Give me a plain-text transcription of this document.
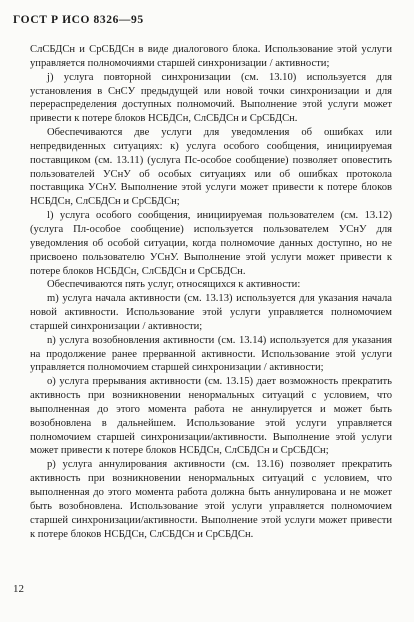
ГОСТ Р ИСО 8326—95

СлСБДСн и СрСБДСн в виде диалогового блока. Использование этой услуги управляется полномочиями старшей синхронизации / активности;

j) услуга повторной синхронизации (см. 13.10) используется для установления в СнСУ предыдущей или новой точки синхронизации и для перераспределения доступных полномочий. Выполнение этой услуги может привести к потере блоков НСБДСн, СлСБДСн и СрСБДСн.

Обеспечиваются две услуги для уведомления об ошибках или непредвиденных ситуациях: к) услуга особого сообщения, инициируемая поставщиком (см. 13.11) (услуга Пс-особое сообщение) позволяет оповестить пользователей УСнУ об особых ситуациях или об ошибках протокола поставщика УСнУ. Выполнение этой услуги может привести к потере блоков НСБДСн, СлСБДСн и СрСБДСн;

l) услуга особого сообщения, инициируемая пользователем (см. 13.12) (услуга Пл-особое сообщение) используется пользователем УСнУ для уведомления об особой ситуации, когда полномочие данных доступно, но не присвоено пользователю УСнУ. Выполнение этой услуги может привести к потере блоков НСБДСн, СлСБДСн и СрСБДСн.

Обеспечиваются пять услуг, относящихся к активности:

m) услуга начала активности (см. 13.13) используется для указания начала новой активности. Использование этой услуги управляется полномочием старшей синхронизации / активности;

n) услуга возобновления активности (см. 13.14) используется для указания на продолжение ранее прерванной активности. Использование этой услуги управляется полномочием старшей синхронизации / активности;

o) услуга прерывания активности (см. 13.15) дает возможность прекратить активность при возникновении ненормальных ситуаций с условием, что выполненная до этого момента работа не аннулируется и может быть возобновлена в дальнейшем. Использование этой услуги управляется полномочием старшей синхронизации/активности. Выполнение этой услуги может привести к потере блоков НСБДСн, СлСБДСн и СрСБДСн;

p) услуга аннулирования активности (см. 13.16) позволяет прекратить активность при возникновении ненормальных ситуаций с условием, что выполненная до этого момента работа должна быть аннулирована и не может быть возобновлена. Использование этой услуги управляется полномочием старшей синхронизации/активности. Выполнение этой услуги может привести к потере блоков НСБДСн, СлСБДСн и СрСБДСн.

12
